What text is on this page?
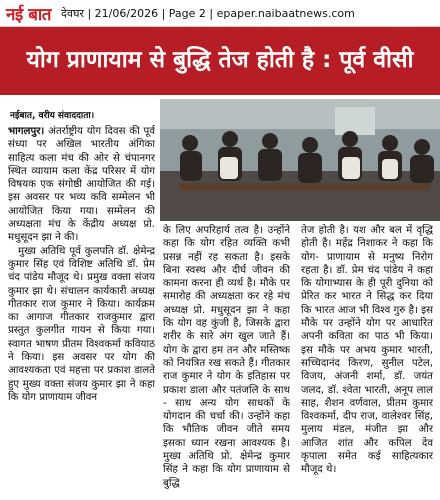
नई बात देवघर | 21/06/2026 | Page 2 | epaper.naibaatnews.com
योग प्राणायाम से बुद्धि तेज होती है : पूर्व वीसी
नईबात, वरीय संवाददाता।

भागलपुर। अंतर्राष्ट्रीय योग दिवस की पूर्व संध्या पर अखिल भारतीय अंगिका साहित्य कला मंच की ओर से चंपानगर स्थित व्यायाम कला केंद्र परिसर में योग विषयक एक संगोष्ठी आयोजित की गई। इस अवसर पर भव्य कवि सम्मेलन भी आयोजित किया गया। सम्मेलन की अध्यक्षता मंच के केंद्रीय अध्यक्ष प्रो. मधुसूदन झा ने की।

मुख्य अतिथि पूर्व कुलपति डॉ. क्षेमेन्द्र कुमार सिंह एवं विशिष्ट अतिथि डॉ. प्रेम चंद पांडेय मौजूद थे। प्रमुख वक्ता संजय कुमार झा थे। संचालन कार्यकारी अध्यक्ष गीतकार राज कुमार ने किया। कार्यक्रम का आगाज गीतकार राजकुमार द्वारा प्रस्तुत कुलगीत गायन से किया गया। स्वागत भाषण प्रीतम विश्वकर्मा कवियाठ ने किया। इस अवसर पर योग की आवश्यकता एवं महत्ता पर प्रकाश डालते हुए मुख्य वक्ता संजय कुमार झा ने कहा कि योग प्राणायाम जीवन

के लिए अपरिहार्य तत्व है। उन्होंने कहा कि योग रहित व्यक्ति कभी प्रसन्न नहीं रह सकता है। इसके बिना स्वस्थ और दीर्घ जीवन की कामना करना ही व्यर्थ है। मौके पर समारोह की अध्यक्षता कर रहे मंच अध्यक्ष प्रो. मधुसूदन झा ने कहा कि योग वह कुंजी है, जिसके द्वारा शरीर के सारे अंग खुल जाते हैं। योग के द्वारा हम तन और मस्तिष्क को नियंत्रित रख सकते हैं। गीतकार राज कुमार ने योग के इतिहास पर प्रकाश डाला और पतंजलि के साथ - साथ अन्य योग साधकों के योगदान की चर्चा की। उन्होंने कहा कि भौतिक जीवन जीते समय इसका ध्यान रखना आवश्यक है। मुख्य अतिथि प्रो. क्षेमेन्द्र कुमार सिंह ने कहा कि योग प्राणायाम से बुद्धि

तेज होती है। यश और बल में वृद्धि होती है। महेंद्र निशाकर ने कहा कि योग- प्राणायाम से मनुष्य निरोग रहता है। डॉ. प्रेम चंद पांडेय ने कहा कि योगाभ्यास के ही पूरी दुनिया को प्रेरित कर भारत ने सिद्ध कर दिया कि भारत आज भी विश्व गुरु है। इस मौके पर उन्होंने योग पर आधारित अपनी कविता का पाठ भी किया। इस मौके पर अभय कुमार भारती, सच्चिदानंद किरण, सुनील पटेल, विजय, अंजनी शर्मा, डॉ. जयंत जलद, डॉ. श्वेता भारती, अनूप लाल साह, शैशन वर्णवाल, प्रीतम कुमार विश्वकर्मा, दीप राज, वालेश्वर सिंह, मुलाय मंडल, मंजीत झा और आजित शांत और कपिल देव कृपाला समेत कई साहित्यकार मौजूद थे।
